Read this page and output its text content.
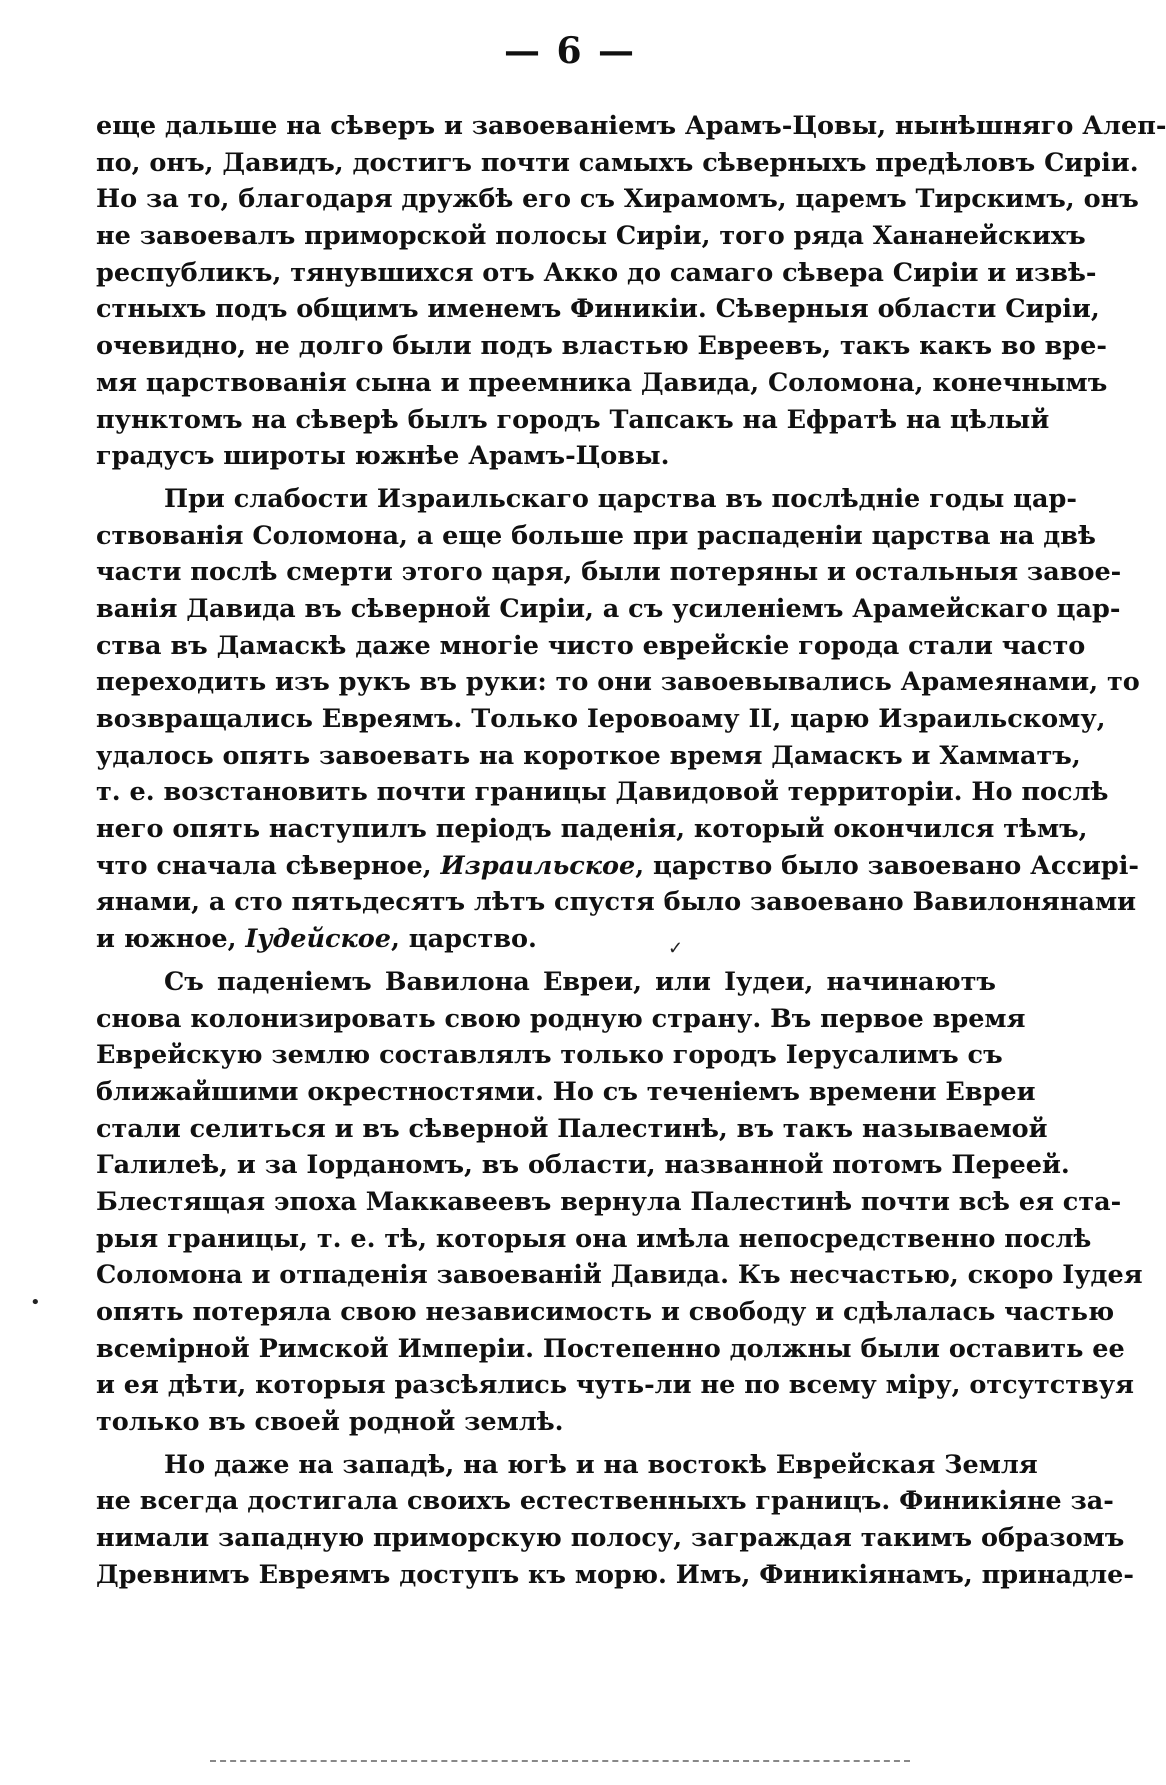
— 6 —
еще дальше на сѣверъ и завоеваніемъ Арамъ-Цовы, нынѣшняго Алеп-
по, онъ, Давидъ, достигъ почти самыхъ сѣверныхъ предѣловъ Сиріи.
Но за то, благодаря дружбѣ его съ Хирамомъ, царемъ Тирскимъ, онъ
не завоевалъ приморской полосы Сиріи, того ряда Хананейскихъ
республикъ, тянувшихся отъ Акко до самаго сѣвера Сиріи и извѣ-
стныхъ подъ общимъ именемъ Финикіи. Сѣверныя области Сиріи,
очевидно, не долго были подъ властью Евреевъ, такъ какъ во вре-
мя царствованія сына и преемника Давида, Соломона, конечнымъ
пунктомъ на сѣверѣ былъ городъ Тапсакъ на Ефратѣ на цѣлый
градусъ широты южнѣе Арамъ-Цовы.
При слабости Израильскаго царства въ послѣдніе годы цар-
ствованія Соломона, а еще больше при распаденіи царства на двѣ
части послѣ смерти этого царя, были потеряны и остальныя завое-
ванія Давида въ сѣверной Сиріи, а съ усиленіемъ Арамейскаго цар-
ства въ Дамаскѣ даже многіе чисто еврейскіе города стали часто
переходить изъ рукъ въ руки: то они завоевывались Арамеянами, то
возвращались Евреямъ. Только Іеровоаму II, царю Израильскому,
удалось опять завоевать на короткое время Дамаскъ и Хамматъ,
т. е. возстановить почти границы Давидовой территоріи. Но послѣ
него опять наступилъ періодъ паденія, который окончился тѣмъ,
что сначала сѣверное, Израильское, царство было завоевано Ассирі-
янами, а сто пятьдесятъ лѣтъ спустя было завоевано Вавилонянами
и южное, Іудейское, царство.
Съ паденіемъ Вавилона Евреи, или Іудеи, начинаютъ
снова колонизировать свою родную страну. Въ первое время
Еврейскую землю составлялъ только городъ Іерусалимъ съ
ближайшими окрестностями. Но съ теченіемъ времени Евреи
стали селиться и въ сѣверной Палестинѣ, въ такъ называемой
Галилеѣ, и за Іорданомъ, въ области, названной потомъ Переей.
Блестящая эпоха Маккавеевъ вернула Палестинѣ почти всѣ ея ста-
рыя границы, т. е. тѣ, которыя она имѣла непосредственно послѣ
Соломона и отпаденія завоеваній Давида. Къ несчастью, скоро Іудея
опять потеряла свою независимость и свободу и сдѣлалась частью
всемірной Римской Имперіи. Постепенно должны были оставить ее
и ея дѣти, которыя разсѣялись чуть-ли не по всему міру, отсутствуя
только въ своей родной землѣ.
Но даже на западѣ, на югѣ и на востокѣ Еврейская Земля
не всегда достигала своихъ естественныхъ границъ. Финикіяне за-
нимали западную приморскую полосу, заграждая такимъ образомъ
Древнимъ Евреямъ доступъ къ морю. Имъ, Финикіянамъ, принадле-
✓
•
